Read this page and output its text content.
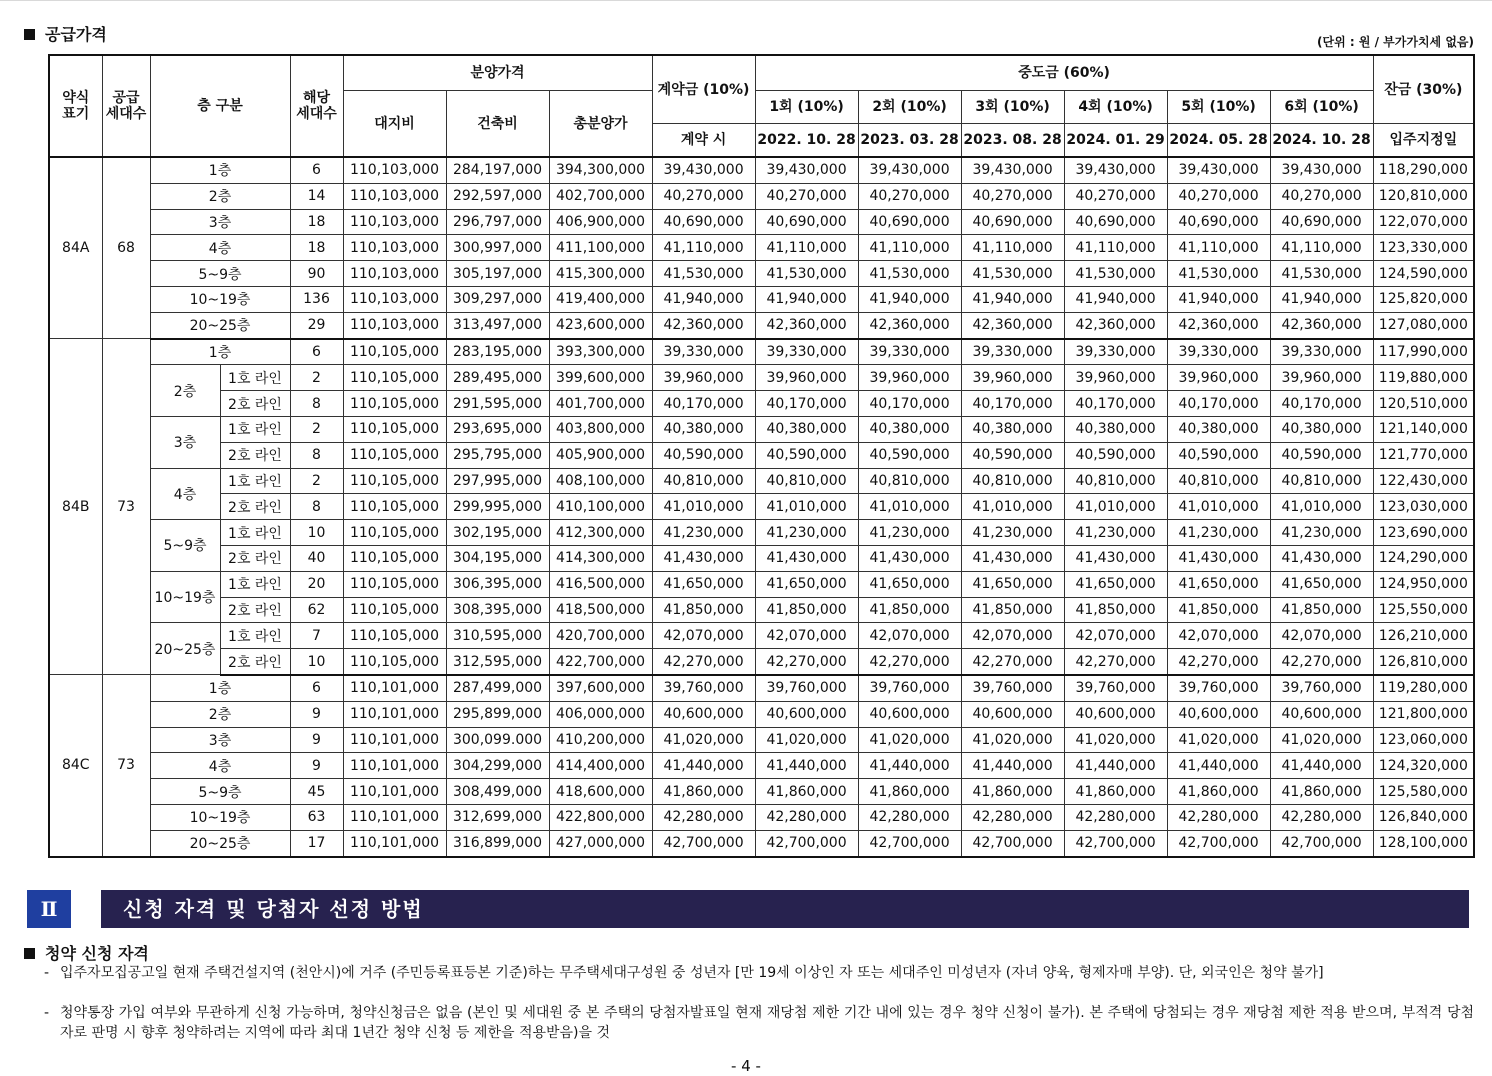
공급가격	(단위 : 원 / 부가가치세 없음)
약식 표기	공급 세대수	층 구분		해당 세대수	분양가격			계약금 (10%)	중도금 (60%)						잔금 (30%)
					대지비	건축비	총분양가		1회 (10%)	2회 (10%)	3회 (10%)	4회 (10%)	5회 (10%)	6회 (10%)	
								계약 시	2022. 10. 28	2023. 03. 28	2023. 08. 28	2024. 01. 29	2024. 05. 28	2024. 10. 28	입주지정일
84A	68	1층		6	110,103,000	284,197,000	394,300,000	39,430,000	39,430,000	39,430,000	39,430,000	39,430,000	39,430,000	39,430,000	118,290,000
		2층		14	110,103,000	292,597,000	402,700,000	40,270,000	40,270,000	40,270,000	40,270,000	40,270,000	40,270,000	40,270,000	120,810,000
		3층		18	110,103,000	296,797,000	406,900,000	40,690,000	40,690,000	40,690,000	40,690,000	40,690,000	40,690,000	40,690,000	122,070,000
		4층		18	110,103,000	300,997,000	411,100,000	41,110,000	41,110,000	41,110,000	41,110,000	41,110,000	41,110,000	41,110,000	123,330,000
		5~9층		90	110,103,000	305,197,000	415,300,000	41,530,000	41,530,000	41,530,000	41,530,000	41,530,000	41,530,000	41,530,000	124,590,000
		10~19층		136	110,103,000	309,297,000	419,400,000	41,940,000	41,940,000	41,940,000	41,940,000	41,940,000	41,940,000	41,940,000	125,820,000
		20~25층		29	110,103,000	313,497,000	423,600,000	42,360,000	42,360,000	42,360,000	42,360,000	42,360,000	42,360,000	42,360,000	127,080,000
84B	73	1층		6	110,105,000	283,195,000	393,300,000	39,330,000	39,330,000	39,330,000	39,330,000	39,330,000	39,330,000	39,330,000	117,990,000
		2층	1호 라인	2	110,105,000	289,495,000	399,600,000	39,960,000	39,960,000	39,960,000	39,960,000	39,960,000	39,960,000	39,960,000	119,880,000
			2호 라인	8	110,105,000	291,595,000	401,700,000	40,170,000	40,170,000	40,170,000	40,170,000	40,170,000	40,170,000	40,170,000	120,510,000
		3층	1호 라인	2	110,105,000	293,695,000	403,800,000	40,380,000	40,380,000	40,380,000	40,380,000	40,380,000	40,380,000	40,380,000	121,140,000
			2호 라인	8	110,105,000	295,795,000	405,900,000	40,590,000	40,590,000	40,590,000	40,590,000	40,590,000	40,590,000	40,590,000	121,770,000
		4층	1호 라인	2	110,105,000	297,995,000	408,100,000	40,810,000	40,810,000	40,810,000	40,810,000	40,810,000	40,810,000	40,810,000	122,430,000
			2호 라인	8	110,105,000	299,995,000	410,100,000	41,010,000	41,010,000	41,010,000	41,010,000	41,010,000	41,010,000	41,010,000	123,030,000
		5~9층	1호 라인	10	110,105,000	302,195,000	412,300,000	41,230,000	41,230,000	41,230,000	41,230,000	41,230,000	41,230,000	41,230,000	123,690,000
			2호 라인	40	110,105,000	304,195,000	414,300,000	41,430,000	41,430,000	41,430,000	41,430,000	41,430,000	41,430,000	41,430,000	124,290,000
		10~19층	1호 라인	20	110,105,000	306,395,000	416,500,000	41,650,000	41,650,000	41,650,000	41,650,000	41,650,000	41,650,000	41,650,000	124,950,000
			2호 라인	62	110,105,000	308,395,000	418,500,000	41,850,000	41,850,000	41,850,000	41,850,000	41,850,000	41,850,000	41,850,000	125,550,000
		20~25층	1호 라인	7	110,105,000	310,595,000	420,700,000	42,070,000	42,070,000	42,070,000	42,070,000	42,070,000	42,070,000	42,070,000	126,210,000
			2호 라인	10	110,105,000	312,595,000	422,700,000	42,270,000	42,270,000	42,270,000	42,270,000	42,270,000	42,270,000	42,270,000	126,810,000
84C	73	1층		6	110,101,000	287,499,000	397,600,000	39,760,000	39,760,000	39,760,000	39,760,000	39,760,000	39,760,000	39,760,000	119,280,000
		2층		9	110,101,000	295,899,000	406,000,000	40,600,000	40,600,000	40,600,000	40,600,000	40,600,000	40,600,000	40,600,000	121,800,000
		3층		9	110,101,000	300,099.000	410,200,000	41,020,000	41,020,000	41,020,000	41,020,000	41,020,000	41,020,000	41,020,000	123,060,000
		4층		9	110,101,000	304,299,000	414,400,000	41,440,000	41,440,000	41,440,000	41,440,000	41,440,000	41,440,000	41,440,000	124,320,000
		5~9층		45	110,101,000	308,499,000	418,600,000	41,860,000	41,860,000	41,860,000	41,860,000	41,860,000	41,860,000	41,860,000	125,580,000
		10~19층		63	110,101,000	312,699,000	422,800,000	42,280,000	42,280,000	42,280,000	42,280,000	42,280,000	42,280,000	42,280,000	126,840,000
		20~25층		17	110,101,000	316,899,000	427,000,000	42,700,000	42,700,000	42,700,000	42,700,000	42,700,000	42,700,000	42,700,000	128,100,000
Ⅱ	신청 자격 및 당첨자 선정 방법
청약 신청 자격
- 입주자모집공고일 현재 주택건설지역 (천안시)에 거주 (주민등록표등본 기준)하는 무주택세대구성원 중 성년자 [만 19세 이상인 자 또는 세대주인 미성년자 (자녀 양육, 형제자매 부양). 단, 외국인은 청약 불가]
- 청약통장 가입 여부와 무관하게 신청 가능하며, 청약신청금은 없음 (본인 및 세대원 중 본 주택의 당첨자발표일 현재 재당첨 제한 기간 내에 있는 경우 청약 신청이 불가). 본 주택에 당첨되는 경우 재당첨 제한 적용 받으며, 부적격 당첨자로 판명 시 향후 청약하려는 지역에 따라 최대 1년간 청약 신청 등 제한을 적용받음)을 것
- 4 -
